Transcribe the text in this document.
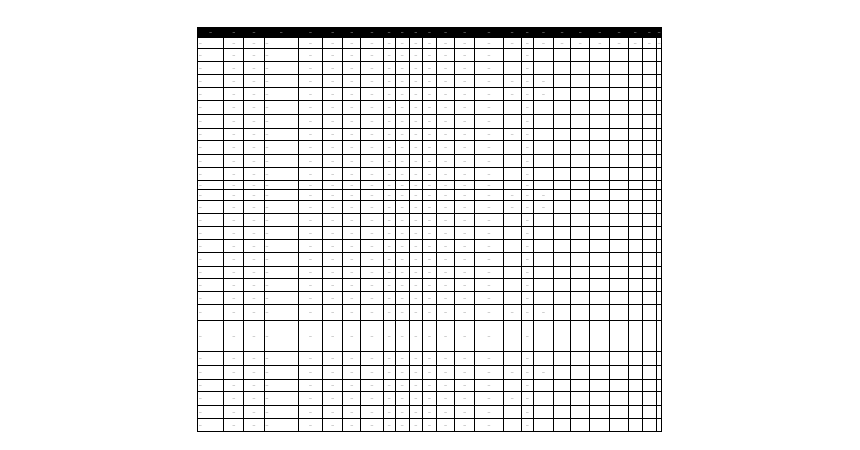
—	—	—	—	—	—	—	—	—	—	—	—	—	—	—	—	—	—	—	—	—	—	—	—	—	
—	—	—	—	—	—	—	—	—	—	—	—	—	—	—	—	—	—	—	—	—	—	—	—	—	
—	—	—	—	—	—	—	—	—	—	—	—	—	—	—		—									
—	—	—	—	—	—	—	—	—	—	—	—	—	—	—		—									
—	—	—	—	—	—	—	—	—	—	—	—	—	—	—	—	—	—								
—	—	—	—	—	—	—	—	—	—	—	—	—	—	—	—	—	—								
—	—	—	—	—	—	—	—	—	—	—	—	—	—	—		—									
—	—	—	—	—	—	—	—	—	—	—	—	—	—	—		—									
—	—	—	—	—	—	—	—	—	—	—	—	—	—	—	—	—									
—	—	—	—	—	—	—	—	—	—	—	—	—	—	—		—									
—	—	—	—	—	—	—	—	—	—	—	—	—	—	—		—									
—	—	—	—	—	—	—	—	—	—	—	—	—	—	—		—									
—	—	—	—	—	—	—	—	—	—	—	—	—	—	—		—									
—	—	—	—	—	—	—	—	—	—	—	—	—	—	—	—	—	—								
—	—	—	—	—	—	—	—	—	—	—	—	—	—	—	—	—	—								
—	—	—	—	—	—	—	—	—	—	—	—	—	—	—		—									
—	—	—	—	—	—	—	—	—	—	—	—	—	—	—		—									
—	—	—	—	—	—	—	—	—	—	—	—	—	—	—		—									
—	—	—	—	—	—	—	—	—	—	—	—	—	—	—		—									
—	—	—	—	—	—	—	—	—	—	—	—	—	—	—		—									
—	—	—	—	—	—	—	—	—	—	—	—	—	—	—		—									
—	—	—	—	—	—	—	—	—	—	—	—	—	—	—		—									
—	—	—	—	—	—	—	—	—	—	—	—	—	—	—	—	—	—								
—	—	—	—	—	—	—	—	—	—	—	—	—	—	—		—									
—	—	—	—	—	—	—	—	—	—	—	—	—	—	—		—									
—	—	—	—	—	—	—	—	—	—	—	—	—	—	—	—	—	—								
—	—	—	—	—	—	—	—	—	—	—	—	—	—	—		—									
—	—	—	—	—	—	—	—	—	—	—	—	—	—	—	—	—									
—	—	—	—	—	—	—	—	—	—	—	—	—	—	—		—									
—	—	—	—	—	—	—	—	—	—	—	—	—	—	—		—									
